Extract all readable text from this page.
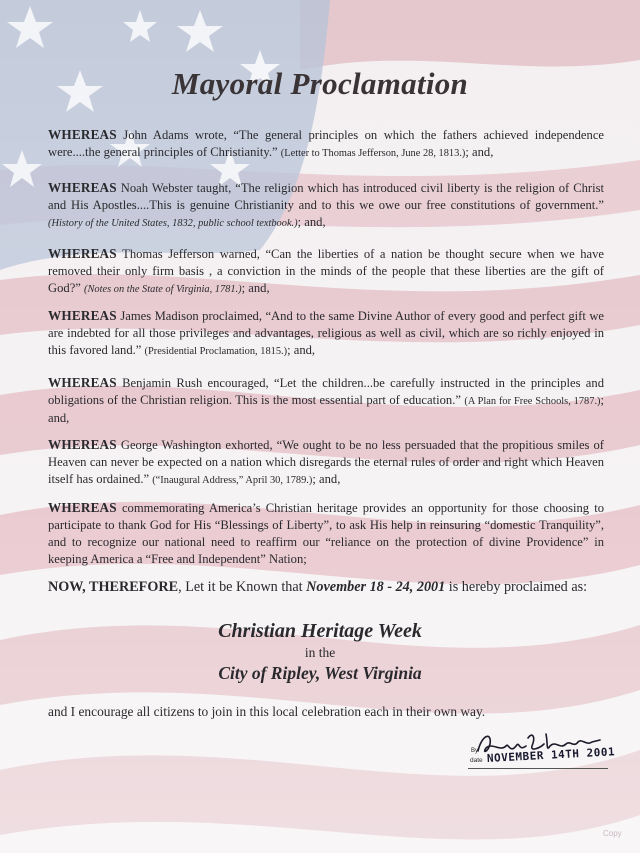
Mayoral Proclamation
WHEREAS John Adams wrote, “The general principles on which the fathers achieved independence were....the general principles of Christianity.” (Letter to Thomas Jefferson, June 28, 1813.); and,
WHEREAS Noah Webster taught, “The religion which has introduced civil liberty is the religion of Christ and His Apostles....This is genuine Christianity and to this we owe our free constitutions of government.” (History of the United States, 1832, public school textbook.); and,
WHEREAS Thomas Jefferson warned, “Can the liberties of a nation be thought secure when we have removed their only firm basis , a conviction in the minds of the people that these liberties are the gift of God?” (Notes on the State of Virginia, 1781.); and,
WHEREAS James Madison proclaimed, “And to the same Divine Author of every good and perfect gift we are indebted for all those privileges and advantages, religious as well as civil, which are so richly enjoyed in this favored land.” (Presidential Proclamation, 1815.); and,
WHEREAS Benjamin Rush encouraged, “Let the children...be carefully instructed in the principles and obligations of the Christian religion. This is the most essential part of education.” (A Plan for Free Schools, 1787.); and,
WHEREAS George Washington exhorted, “We ought to be no less persuaded that the propitious smiles of Heaven can never be expected on a nation which disregards the eternal rules of order and right which Heaven itself has ordained.” (“Inaugural Address,” April 30, 1789.); and,
WHEREAS commemorating America’s Christian heritage provides an opportunity for those choosing to participate to thank God for His “Blessings of Liberty”, to ask His help in reinsuring “domestic Tranquility”, and to recognize our national need to reaffirm our “reliance on the protection of divine Providence” in keeping America a “Free and Independent” Nation;
NOW, THEREFORE, Let it be Known that November 18 - 24, 2001 is hereby proclaimed as:
Christian Heritage Week
in the
City of Ripley, West Virginia
and I encourage all citizens to join in this local celebration each in their own way.
By
date NOVEMBER 14TH 2001
Copy
